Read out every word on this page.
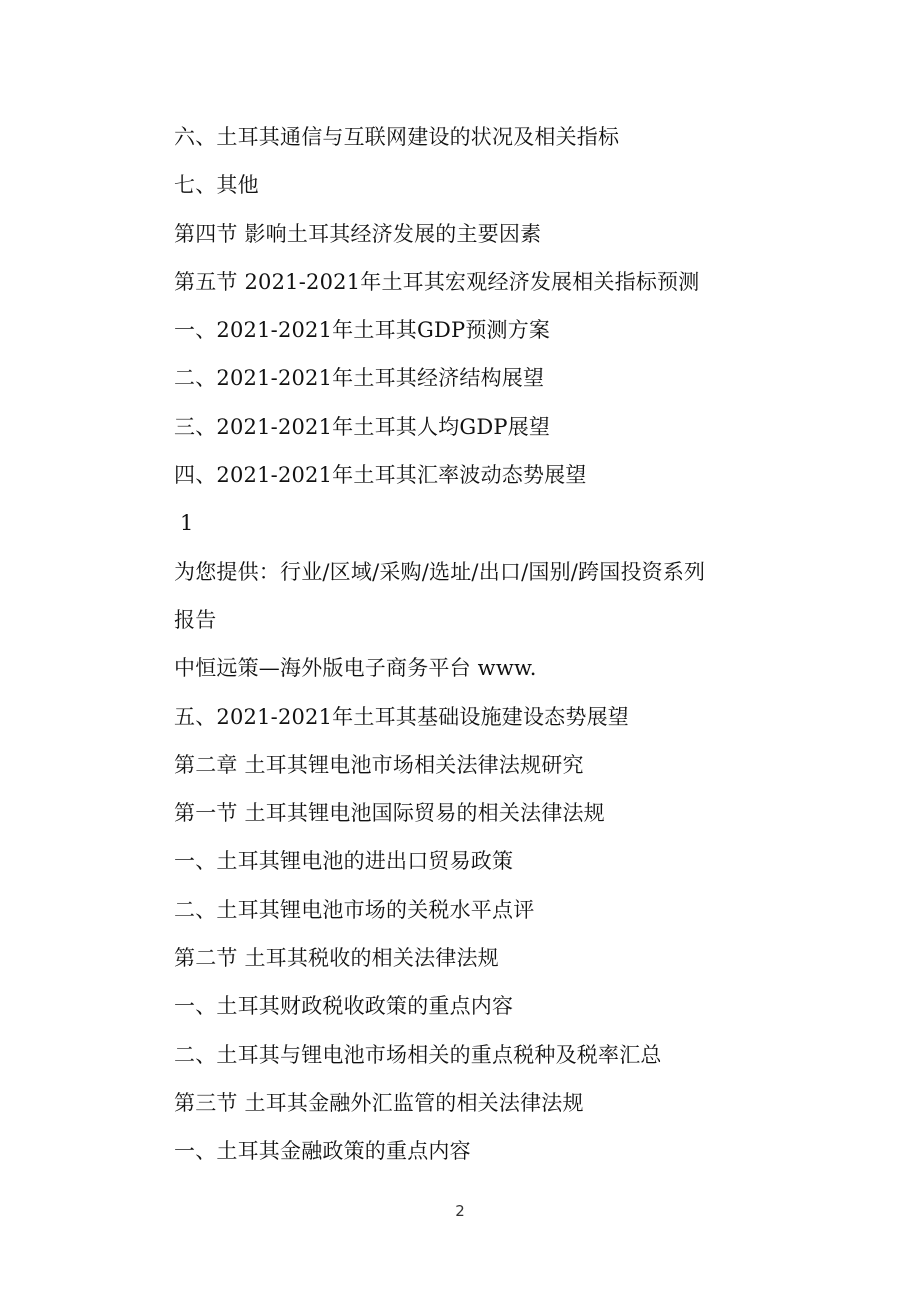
六、土耳其通信与互联网建设的状况及相关指标
七、其他
第四节 影响土耳其经济发展的主要因素
第五节 2021-2021年土耳其宏观经济发展相关指标预测
一、2021-2021年土耳其GDP预测方案
二、2021-2021年土耳其经济结构展望
三、2021-2021年土耳其人均GDP展望
四、2021-2021年土耳其汇率波动态势展望
1
为您提供：行业/区域/采购/选址/出口/国别/跨国投资系列
报告
中恒远策—海外版电子商务平台 www.
五、2021-2021年土耳其基础设施建设态势展望
第二章 土耳其锂电池市场相关法律法规研究
第一节 土耳其锂电池国际贸易的相关法律法规
一、土耳其锂电池的进出口贸易政策
二、土耳其锂电池市场的关税水平点评
第二节 土耳其税收的相关法律法规
一、土耳其财政税收政策的重点内容
二、土耳其与锂电池市场相关的重点税种及税率汇总
第三节 土耳其金融外汇监管的相关法律法规
一、土耳其金融政策的重点内容
2
